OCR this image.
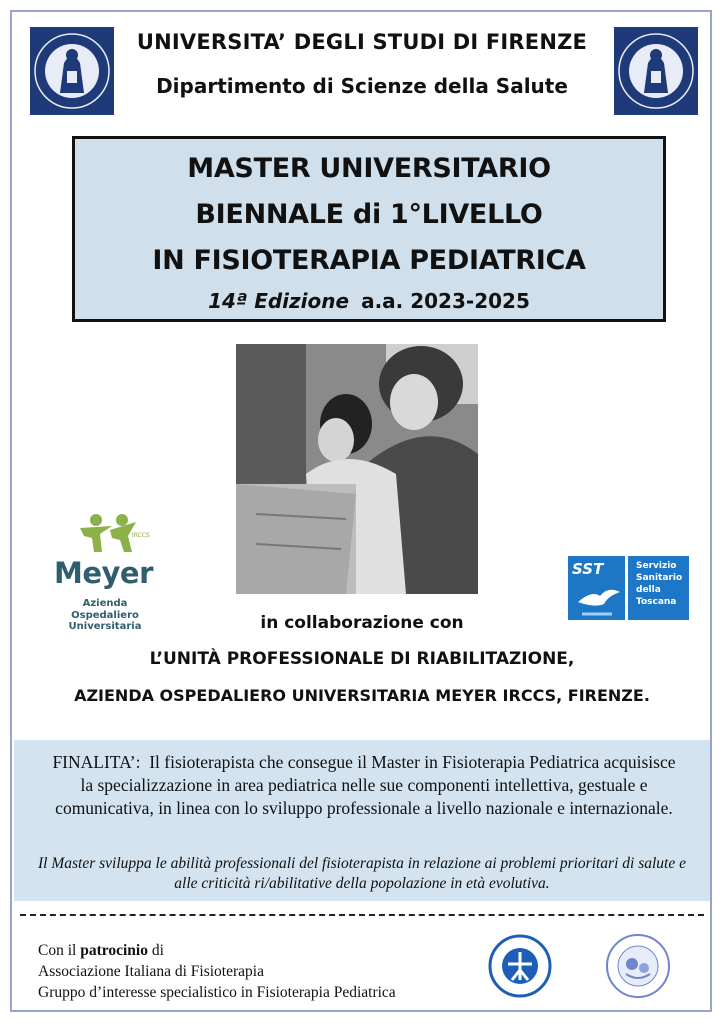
UNIVERSITA’ DEGLI STUDI DI FIRENZE
Dipartimento di Scienze della Salute
MASTER UNIVERSITARIO
BIENNALE di 1°LIVELLO
IN FISIOTERAPIA PEDIATRICA
14ª Edizione a.a. 2023-2025
IRCCS
Meyer
Azienda
Ospedaliero Universitaria
SST	Servizio
Sanitario
della
Toscana
in collaborazione con
L’UNITÀ PROFESSIONALE DI RIABILITAZIONE,
AZIENDA OSPEDALIERO UNIVERSITARIA MEYER IRCCS, FIRENZE.
FINALITA’: Il fisioterapista che consegue il Master in Fisioterapia Pediatrica acquisisce la specializzazione in area pediatrica nelle sue componenti intellettiva, gestuale e comunicativa, in linea con lo sviluppo professionale a livello nazionale e internazionale.
Il Master sviluppa le abilità professionali del fisioterapista in relazione ai problemi prioritari di salute e alle criticità ri/abilitative della popolazione in età evolutiva.
Con il patrocinio di
Associazione Italiana di Fisioterapia
Gruppo d’interesse specialistico in Fisioterapia Pediatrica
